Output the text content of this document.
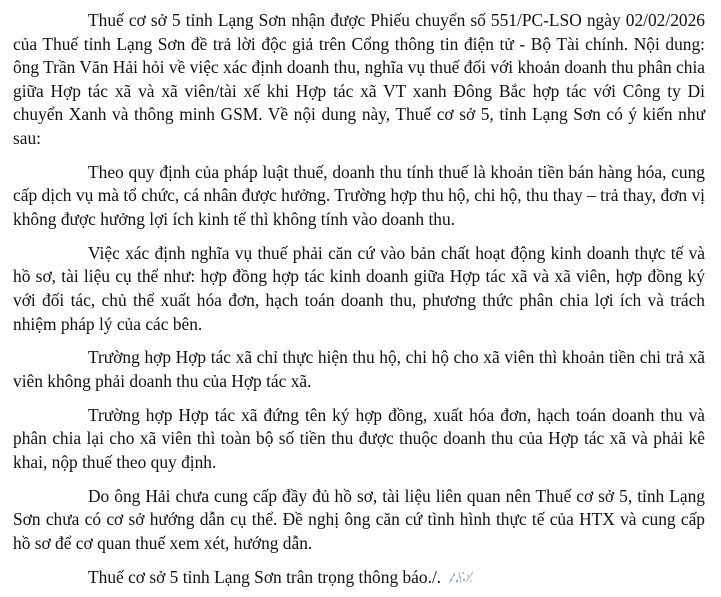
Thuế cơ sở 5 tỉnh Lạng Sơn nhận được Phiếu chuyển số 551/PC-LSO ngày 02/02/2026 của Thuế tỉnh Lạng Sơn đề trả lời độc giả trên Cổng thông tin điện tử - Bộ Tài chính. Nội dung: ông Trần Văn Hải hỏi về việc xác định doanh thu, nghĩa vụ thuế đối với khoản doanh thu phân chia giữa Hợp tác xã và xã viên/tài xế khi Hợp tác xã VT xanh Đông Bắc hợp tác với Công ty Di chuyển Xanh và thông minh GSM. Về nội dung này, Thuế cơ sở 5, tỉnh Lạng Sơn có ý kiến như sau:

Theo quy định của pháp luật thuế, doanh thu tính thuế là khoản tiền bán hàng hóa, cung cấp dịch vụ mà tổ chức, cá nhân được hưởng. Trường hợp thu hộ, chi hộ, thu thay – trả thay, đơn vị không được hưởng lợi ích kinh tế thì không tính vào doanh thu.

Việc xác định nghĩa vụ thuế phải căn cứ vào bản chất hoạt động kinh doanh thực tế và hồ sơ, tài liệu cụ thể như: hợp đồng hợp tác kinh doanh giữa Hợp tác xã và xã viên, hợp đồng ký với đối tác, chủ thể xuất hóa đơn, hạch toán doanh thu, phương thức phân chia lợi ích và trách nhiệm pháp lý của các bên.

Trường hợp Hợp tác xã chỉ thực hiện thu hộ, chi hộ cho xã viên thì khoản tiền chi trả xã viên không phải doanh thu của Hợp tác xã.

Trường hợp Hợp tác xã đứng tên ký hợp đồng, xuất hóa đơn, hạch toán doanh thu và phân chia lại cho xã viên thì toàn bộ số tiền thu được thuộc doanh thu của Hợp tác xã và phải kê khai, nộp thuế theo quy định.

Do ông Hải chưa cung cấp đầy đủ hồ sơ, tài liệu liên quan nên Thuế cơ sở 5, tỉnh Lạng Sơn chưa có cơ sở hướng dẫn cụ thể. Đề nghị ông căn cứ tình hình thực tế của HTX và cung cấp hồ sơ để cơ quan thuế xem xét, hướng dẫn.

Thuế cơ sở 5 tỉnh Lạng Sơn trân trọng thông báo./.
